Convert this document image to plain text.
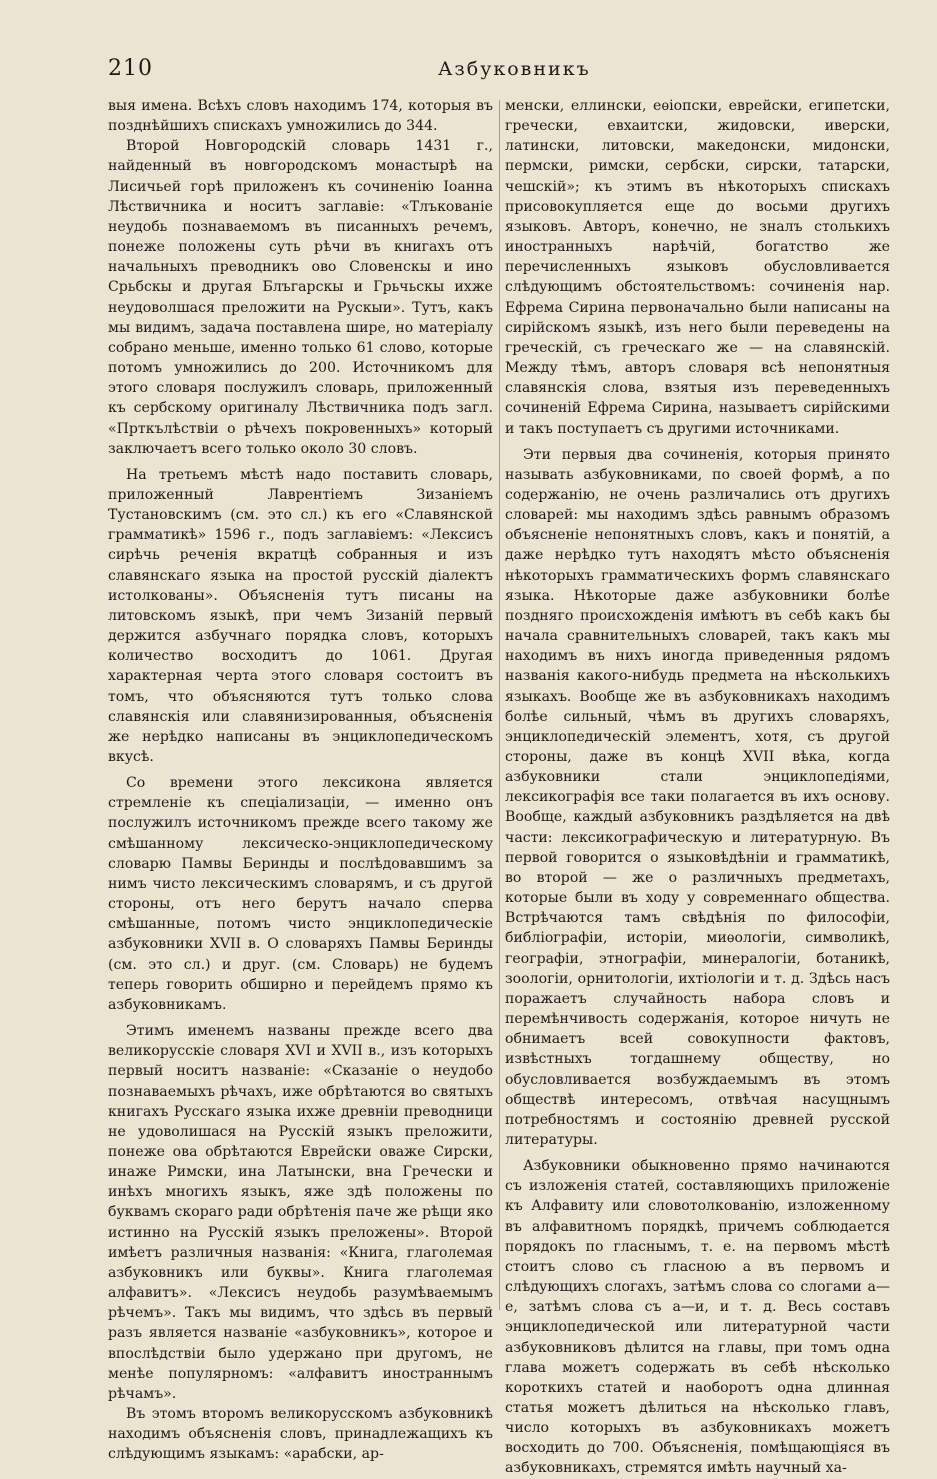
210	Азбуковникъ

выя имена. Всѣхъ словъ находимъ 174, которыя въ позднѣйшихъ спискахъ умножились до 344.

Второй Новгородскій словарь 1431 г., найденный въ новгородскомъ монастырѣ на Лисичьей горѣ приложенъ къ сочиненію Іоанна Лѣствичника и носитъ заглавіе: «Тлъкованіе неудобь познаваемомъ въ писанныхъ речемъ, понеже положены суть рѣчи въ книгахъ отъ начальныхъ преводникъ ово Словенскы и ино Срьбскы и другая Блъгарскы и Грьчьскы ихже неудоволшася преложити на Рускыи». Тутъ, какъ мы видимъ, задача поставлена шире, но матеріалу собрано меньше, именно только 61 слово, которые потомъ умножились до 200. Источникомъ для этого словаря послужилъ словарь, приложенный къ сербскому оригиналу Лѣствичника подъ загл. «Прткълѣствіи о рѣчехъ покровенныхъ» который заключаетъ всего только около 30 словъ.

На третьемъ мѣстѣ надо поставить словарь, приложенный Лаврентіемъ Зизаніемъ Тустановскимъ (см. это сл.) къ его «Славянской грамматикѣ» 1596 г., подъ заглавіемъ: «Лексисъ сирѣчь реченія вкратцѣ собранныя и изъ славянскаго языка на простой русскій діалектъ истолкованы». Объясненія тутъ писаны на литовскомъ языкѣ, при чемъ Зизаній первый держится азбучнаго порядка словъ, которыхъ количество восходитъ до 1061. Другая характерная черта этого словаря состоитъ въ томъ, что объясняются тутъ только слова славянскія или славянизированныя, объясненія же нерѣдко написаны въ энциклопедическомъ вкусѣ.

Со времени этого лексикона является стремленіе къ спеціализаціи, — именно онъ послужилъ источникомъ прежде всего такому же смѣшанному лексическо-энциклопедическому словарю Памвы Беринды и послѣдовавшимъ за нимъ чисто лексическимъ словарямъ, и съ другой стороны, отъ него берутъ начало сперва смѣшанные, потомъ чисто энциклопедическіе азбуковники XVII в. О словаряхъ Памвы Беринды (см. это сл.) и друг. (см. Словарь) не будемъ теперь говорить обширно и перейдемъ прямо къ азбуковникамъ.

Этимъ именемъ названы прежде всего два великорусскіе словаря XVI и XVII в., изъ которыхъ первый носитъ названіе: «Сказаніе о неудобо познаваемыхъ рѣчахъ, иже обрѣтаются во святыхъ книгахъ Русскаго языка ихже древніи преводници не удоволишася на Русскій языкъ преложити, понеже ова обрѣтаются Еврейски оваже Сирски, инаже Римски, ина Латынски, вна Гречески и инѣхъ многихъ языкъ, яже здѣ положены по буквамъ скораго ради обрѣтенія паче же рѣщи яко истинно на Русскій языкъ преложены». Второй имѣетъ различныя названія: «Книга, глаголемая азбуковникъ или буквы». Книга глаголемая алфавитъ». «Лексисъ неудобь разумѣваемымъ рѣчемъ». Такъ мы видимъ, что здѣсь въ первый разъ является названіе «азбуковникъ», которое и впослѣдствіи было удержано при другомъ, не менѣе популярномъ: «алфавитъ иностраннымъ рѣчамъ».

Въ этомъ второмъ великорусскомъ азбуковникѣ находимъ объясненія словъ, принадлежащихъ къ слѣдующимъ языкамъ: «арабски, ар-

менски, еллински, еѳіопски, еврейски, египетски, гречески, евхаитски, жидовски, иверски, латински, литовски, македонски, мидонски, пермски, римски, сербски, сирски, татарски, чешскій»; къ этимъ въ нѣкоторыхъ спискахъ присовокупляется еще до восьми другихъ языковъ. Авторъ, конечно, не зналъ столькихъ иностранныхъ нарѣчій, богатство же перечисленныхъ языковъ обусловливается слѣдующимъ обстоятельствомъ: сочиненія нар. Ефрема Сирина первоначально были написаны на сирійскомъ языкѣ, изъ него были переведены на греческій, съ греческаго же — на славянскій. Между тѣмъ, авторъ словаря всѣ непонятныя славянскія слова, взятыя изъ переведенныхъ сочиненій Ефрема Сирина, называетъ сирійскими и такъ поступаетъ съ другими источниками.

Эти первыя два сочиненія, которыя принято называть азбуковниками, по своей формѣ, а по содержанію, не очень различались отъ другихъ словарей: мы находимъ здѣсь равнымъ образомъ объясненіе непонятныхъ словъ, какъ и понятій, а даже нерѣдко тутъ находятъ мѣсто объясненія нѣкоторыхъ грамматическихъ формъ славянскаго языка. Нѣкоторые даже азбуковники болѣе поздняго происхожденія имѣютъ въ себѣ какъ бы начала сравнительныхъ словарей, такъ какъ мы находимъ въ нихъ иногда приведенныя рядомъ названія какого-нибудь предмета на нѣсколькихъ языкахъ. Вообще же въ азбуковникахъ находимъ болѣе сильный, чѣмъ въ другихъ словаряхъ, энциклопедическій элементъ, хотя, съ другой стороны, даже въ концѣ XVII вѣка, когда азбуковники стали энциклопедіями, лексикографія все таки полагается въ ихъ основу. Вообще, каждый азбуковникъ раздѣляется на двѣ части: лексикографическую и литературную. Въ первой говорится о языковѣдѣніи и грамматикѣ, во второй — же о различныхъ предметахъ, которые были въ ходу у современнаго общества. Встрѣчаются тамъ свѣдѣнія по философіи, библіографіи, исторіи, миѳологіи, символикѣ, географіи, этнографіи, минералогіи, ботаникѣ, зоологіи, орнитологіи, ихтіологіи и т. д. Здѣсь насъ поражаетъ случайность набора словъ и перемѣнчивость содержанія, которое ничуть не обнимаетъ всей совокупности фактовъ, извѣстныхъ тогдашнему обществу, но обусловливается возбуждаемымъ въ этомъ обществѣ интересомъ, отвѣчая насущнымъ потребностямъ и состоянію древней русской литературы.

Азбуковники обыкновенно прямо начинаются съ изложенія статей, составляющихъ приложеніе къ Алфавиту или словотолкованію, изложенному въ алфавитномъ порядкѣ, причемъ соблюдается порядокъ по гласнымъ, т. е. на первомъ мѣстѣ стоитъ слово съ гласною а въ первомъ и слѣдующихъ слогахъ, затѣмъ слова со слогами а—е, затѣмъ слова съ а—и, и т. д. Весь составъ энциклопедической или литературной части азбуковниковъ дѣлится на главы, при томъ одна глава можетъ содержать въ себѣ нѣсколько короткихъ статей и наоборотъ одна длинная статья можетъ дѣлиться на нѣсколько главъ, число которыхъ въ азбуковникахъ можетъ восходить до 700. Объясненія, помѣщающіяся въ азбуковникахъ, стремятся имѣть научный ха-
